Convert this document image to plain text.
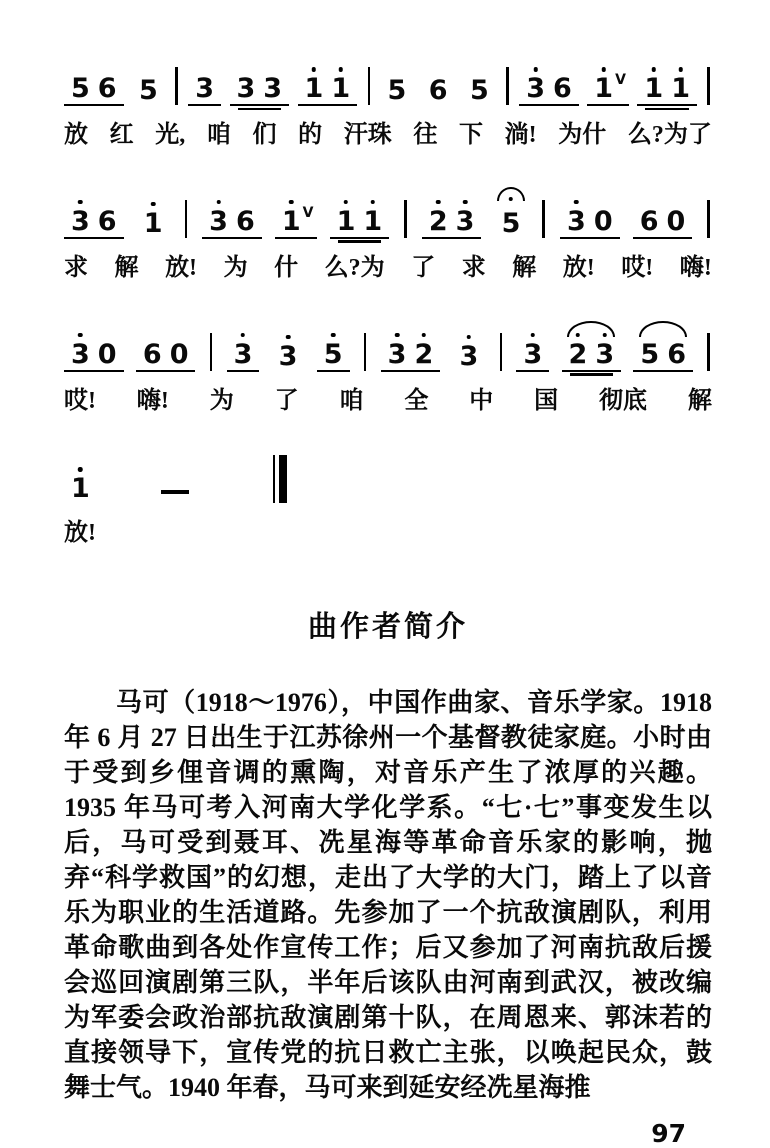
5 6 5 3 3 3 1 1 5 6 5 3 6 1 V 1 1
放 红 光, 咱 们 的 汗珠 往 下 淌! 为什 么?为了
3 6 1 3 6 1 V 1 1 2 3 5 3 0 6 0
求 解 放! 为 什 么?为 了 求 解 放! 哎! 嗨!
3 0 6 0 3 3 5 3 2 3 3 2 3 5 6
哎! 嗨! 为 了 咱 全 中 国 彻底 解
1
放!
曲作者简介

马可（1918～1976），中国作曲家、音乐学家。1918 年 6 月 27 日出生于江苏徐州一个基督教徒家庭。小时由于受到乡俚音调的熏陶，对音乐产生了浓厚的兴趣。1935 年马可考入河南大学化学系。“七·七”事变发生以后，马可受到聂耳、冼星海等革命音乐家的影响，抛弃“科学救国”的幻想，走出了大学的大门，踏上了以音乐为职业的生活道路。先参加了一个抗敌演剧队，利用革命歌曲到各处作宣传工作；后又参加了河南抗敌后援会巡回演剧第三队，半年后该队由河南到武汉，被改编为军委会政治部抗敌演剧第十队，在周恩来、郭沫若的直接领导下，宣传党的抗日救亡主张，以唤起民众，鼓舞士气。1940 年春，马可来到延安经冼星海推

97
